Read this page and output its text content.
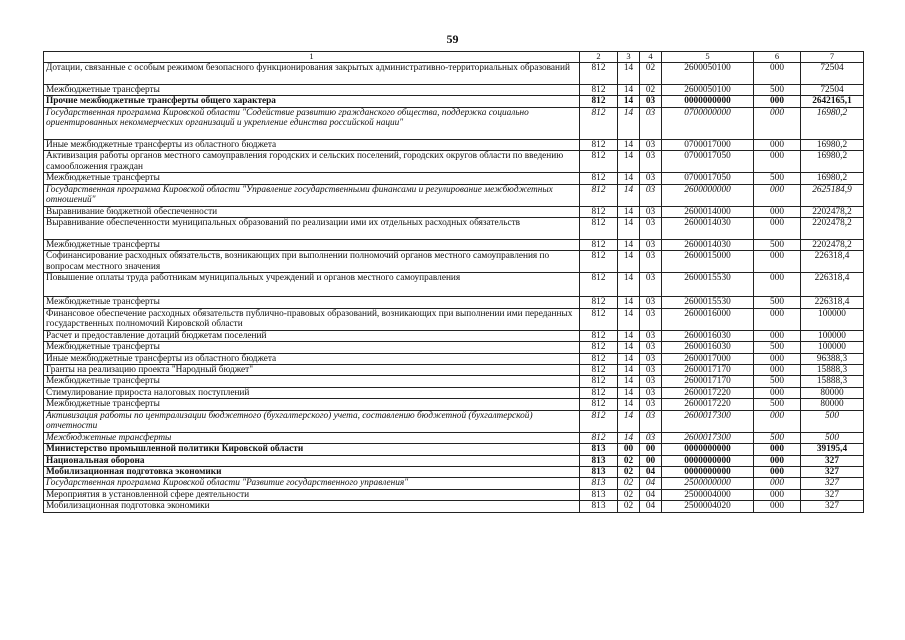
59
1	2	3	4	5	6	7
Дотации, связанные с особым режимом безопасного функционирования закрытых административно-территориальных образований	812	14	02	2600050100	000	72504
Межбюджетные трансферты	812	14	02	2600050100	500	72504
Прочие межбюджетные трансферты общего характера	812	14	03	0000000000	000	2642165,1
Государственная программа Кировской области "Содействие развитию гражданского общества, поддержка социально ориентированных некоммерческих организаций и укрепление единства российской нации"	812	14	03	0700000000	000	16980,2
Иные межбюджетные трансферты из областного бюджета	812	14	03	0700017000	000	16980,2
Активизация работы органов местного самоуправления городских и сельских поселений, городских округов области по введению самообложения граждан	812	14	03	0700017050	000	16980,2
Межбюджетные трансферты	812	14	03	0700017050	500	16980,2
Государственная программа Кировской области "Управление государственными финансами и регулирование межбюджетных отношений"	812	14	03	2600000000	000	2625184,9
Выравнивание бюджетной обеспеченности	812	14	03	2600014000	000	2202478,2
Выравнивание обеспеченности муниципальных образований по реализации ими их отдельных расходных обязательств	812	14	03	2600014030	000	2202478,2
Межбюджетные трансферты	812	14	03	2600014030	500	2202478,2
Софинансирование расходных обязательств, возникающих при выполнении полномочий органов местного самоуправления по вопросам местного значения	812	14	03	2600015000	000	226318,4
Повышение оплаты труда работникам муниципальных учреждений и органов местного самоуправления	812	14	03	2600015530	000	226318,4
Межбюджетные трансферты	812	14	03	2600015530	500	226318,4
Финансовое обеспечение расходных обязательств публично-правовых образований, возникающих при выполнении ими переданных государственных полномочий Кировской области	812	14	03	2600016000	000	100000
Расчет и предоставление дотаций бюджетам поселений	812	14	03	2600016030	000	100000
Межбюджетные трансферты	812	14	03	2600016030	500	100000
Иные межбюджетные трансферты из областного бюджета	812	14	03	2600017000	000	96388,3
Гранты на реализацию проекта "Народный бюджет"	812	14	03	2600017170	000	15888,3
Межбюджетные трансферты	812	14	03	2600017170	500	15888,3
Стимулирование прироста налоговых поступлений	812	14	03	2600017220	000	80000
Межбюджетные трансферты	812	14	03	2600017220	500	80000
Активизация работы по централизации бюджетного (бухгалтерского) учета, составлению бюджетной (бухгалтерской) отчетности	812	14	03	2600017300	000	500
Межбюджетные трансферты	812	14	03	2600017300	500	500
Министерство промышленной политики Кировской области	813	00	00	0000000000	000	39195,4
Национальная оборона	813	02	00	0000000000	000	327
Мобилизационная подготовка экономики	813	02	04	0000000000	000	327
Государственная программа Кировской области "Развитие государственного управления"	813	02	04	2500000000	000	327
Мероприятия в установленной сфере деятельности	813	02	04	2500004000	000	327
Мобилизационная подготовка экономики	813	02	04	2500004020	000	327
